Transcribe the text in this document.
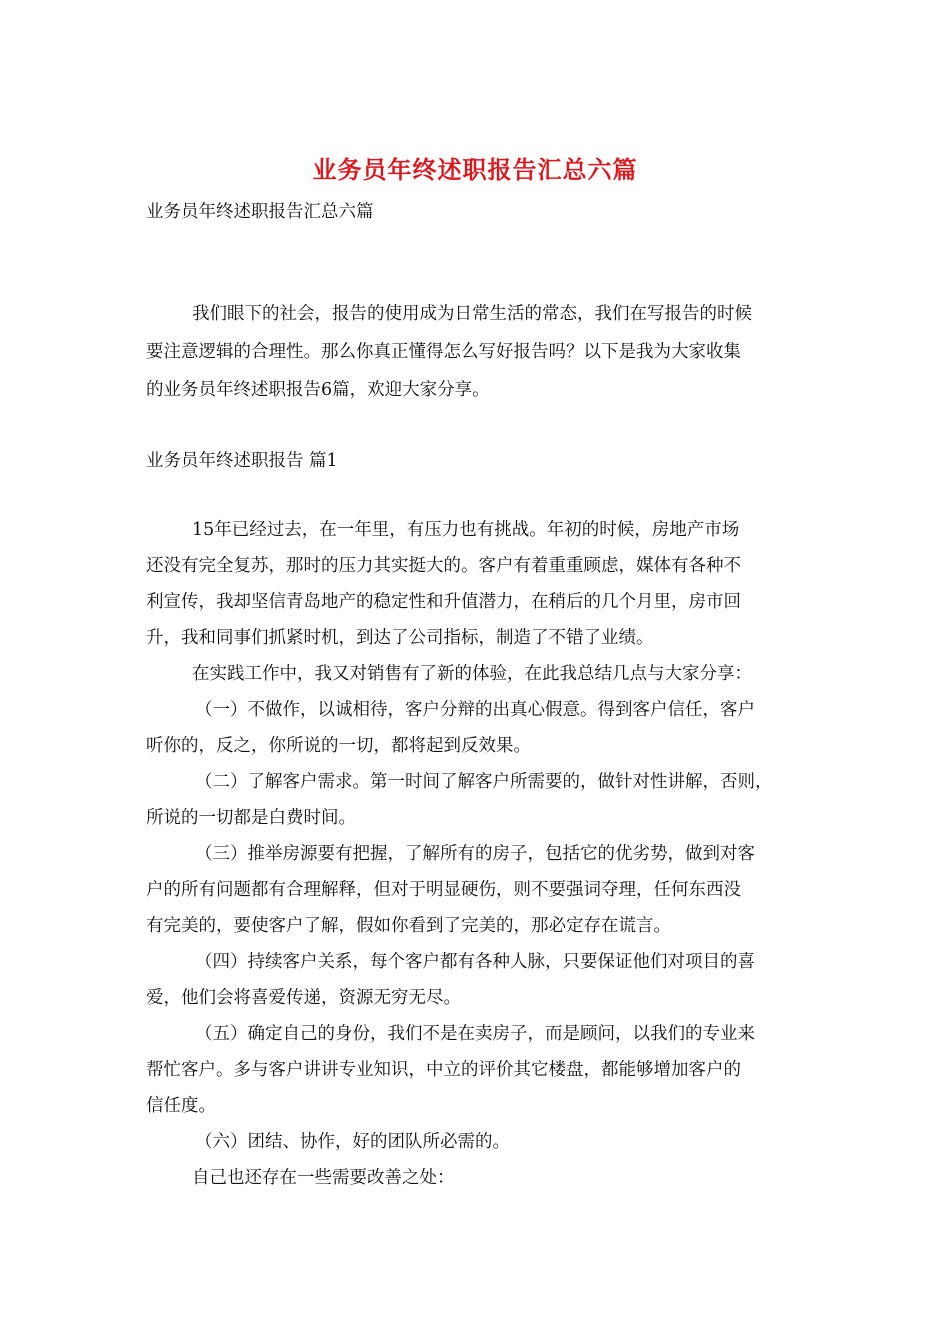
业务员年终述职报告汇总六篇
业务员年终述职报告汇总六篇
我们眼下的社会，报告的使用成为日常生活的常态，我们在写报告的时候
要注意逻辑的合理性。那么你真正懂得怎么写好报告吗？以下是我为大家收集
的业务员年终述职报告6篇，欢迎大家分享。
业务员年终述职报告 篇1
15年已经过去，在一年里，有压力也有挑战。年初的时候，房地产市场
还没有完全复苏，那时的压力其实挺大的。客户有着重重顾虑，媒体有各种不
利宣传，我却坚信青岛地产的稳定性和升值潜力，在稍后的几个月里，房市回
升，我和同事们抓紧时机，到达了公司指标，制造了不错了业绩。
在实践工作中，我又对销售有了新的体验，在此我总结几点与大家分享：
（一）不做作，以诚相待，客户分辩的出真心假意。得到客户信任，客户
听你的，反之，你所说的一切，都将起到反效果。
（二）了解客户需求。第一时间了解客户所需要的，做针对性讲解，否则，
所说的一切都是白费时间。
（三）推举房源要有把握，了解所有的房子，包括它的优劣势，做到对客
户的所有问题都有合理解释，但对于明显硬伤，则不要强词夺理，任何东西没
有完美的，要使客户了解，假如你看到了完美的，那必定存在谎言。
（四）持续客户关系，每个客户都有各种人脉，只要保证他们对项目的喜
爱，他们会将喜爱传递，资源无穷无尽。
（五）确定自己的身份，我们不是在卖房子，而是顾问，以我们的专业来
帮忙客户。多与客户讲讲专业知识，中立的评价其它楼盘，都能够增加客户的
信任度。
（六）团结、协作，好的团队所必需的。
自己也还存在一些需要改善之处：
